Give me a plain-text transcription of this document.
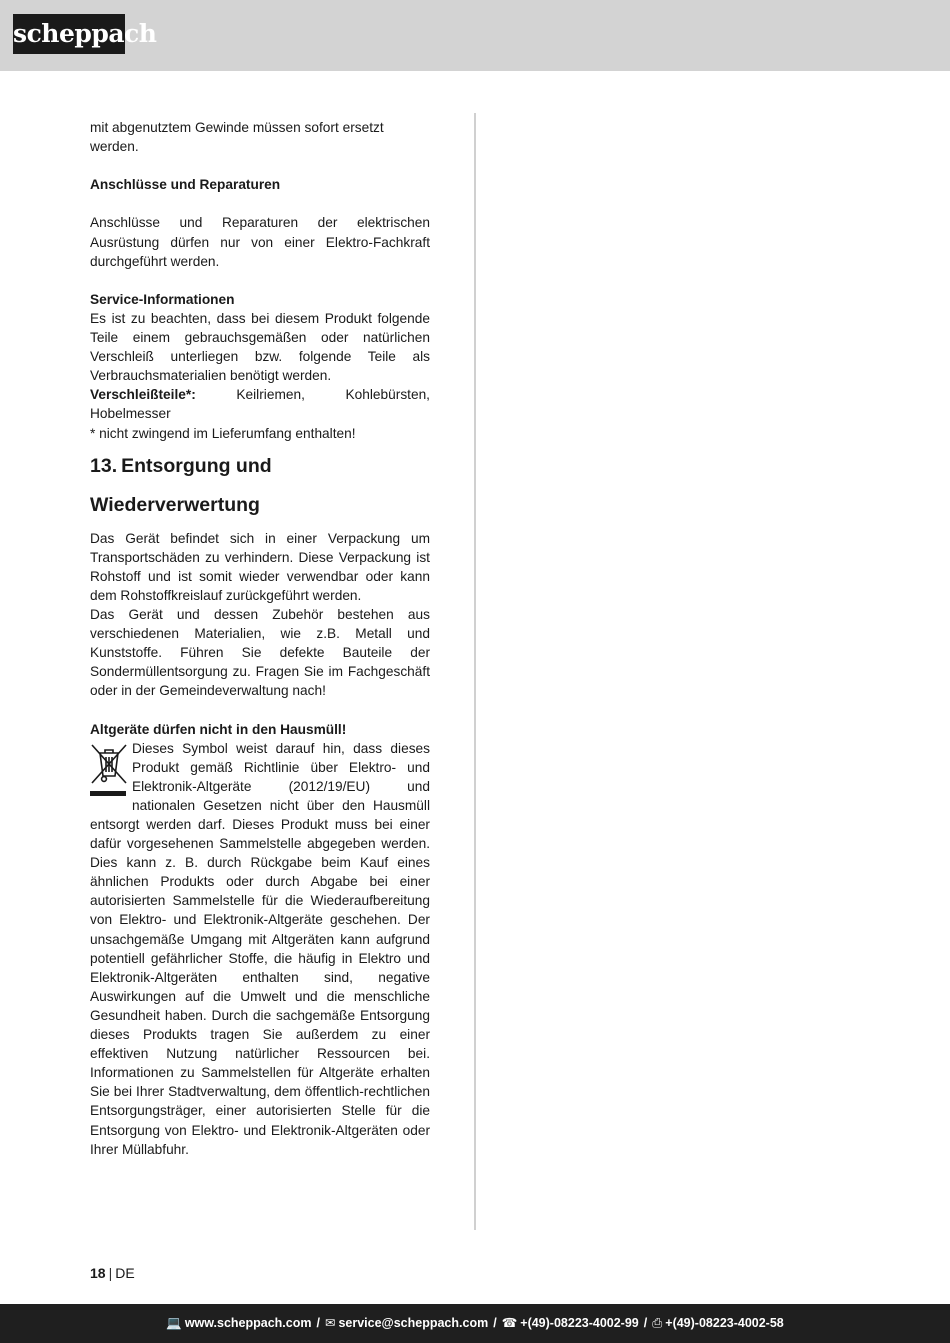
scheppach

mit abgenutztem Gewinde müssen sofort ersetzt werden.

Anschlüsse und Reparaturen

Anschlüsse und Reparaturen der elektrischen Ausrüstung dürfen nur von einer Elektro-Fachkraft durchgeführt werden.

Service-Informationen

Es ist zu beachten, dass bei diesem Produkt folgende Teile einem gebrauchsgemäßen oder natürlichen Verschleiß unterliegen bzw. folgende Teile als Verbrauchsmaterialien benötigt werden.

Verschleißteile*: Keilriemen, Kohlebürsten, Hobelmesser

* nicht zwingend im Lieferumfang enthalten!

13. Entsorgung und Wiederverwertung

Das Gerät befindet sich in einer Verpackung um Transportschäden zu verhindern. Diese Verpackung ist Rohstoff und ist somit wieder verwendbar oder kann dem Rohstoffkreislauf zurückgeführt werden.

Das Gerät und dessen Zubehör bestehen aus verschiedenen Materialien, wie z.B. Metall und Kunststoffe. Führen Sie defekte Bauteile der Sondermüllentsorgung zu. Fragen Sie im Fachgeschäft oder in der Gemeindeverwaltung nach!

Altgeräte dürfen nicht in den Hausmüll!

Dieses Symbol weist darauf hin, dass dieses Produkt gemäß Richtlinie über Elektro- und Elektronik-Altgeräte (2012/19/EU) und nationalen Gesetzen nicht über den Hausmüll entsorgt werden darf. Dieses Produkt muss bei einer dafür vorgesehenen Sammelstelle abgegeben werden. Dies kann z. B. durch Rückgabe beim Kauf eines ähnlichen Produkts oder durch Abgabe bei einer autorisierten Sammelstelle für die Wiederaufbereitung von Elektro- und Elektronik-Altgeräte geschehen. Der unsachgemäße Umgang mit Altgeräten kann aufgrund potentiell gefährlicher Stoffe, die häufig in Elektro und Elektronik-Altgeräten enthalten sind, negative Auswirkungen auf die Umwelt und die menschliche Gesundheit haben. Durch die sachgemäße Entsorgung dieses Produkts tragen Sie außerdem zu einer effektiven Nutzung natürlicher Ressourcen bei. Informationen zu Sammelstellen für Altgeräte erhalten Sie bei Ihrer Stadtverwaltung, dem öffentlich-rechtlichen Entsorgungsträger, einer autorisierten Stelle für die Entsorgung von Elektro- und Elektronik-Altgeräten oder Ihrer Müllabfuhr.

18 | DE
💻 www.scheppach.com / ✉ service@scheppach.com / ☎ +(49)-08223-4002-99 / ⎙ +(49)-08223-4002-58
